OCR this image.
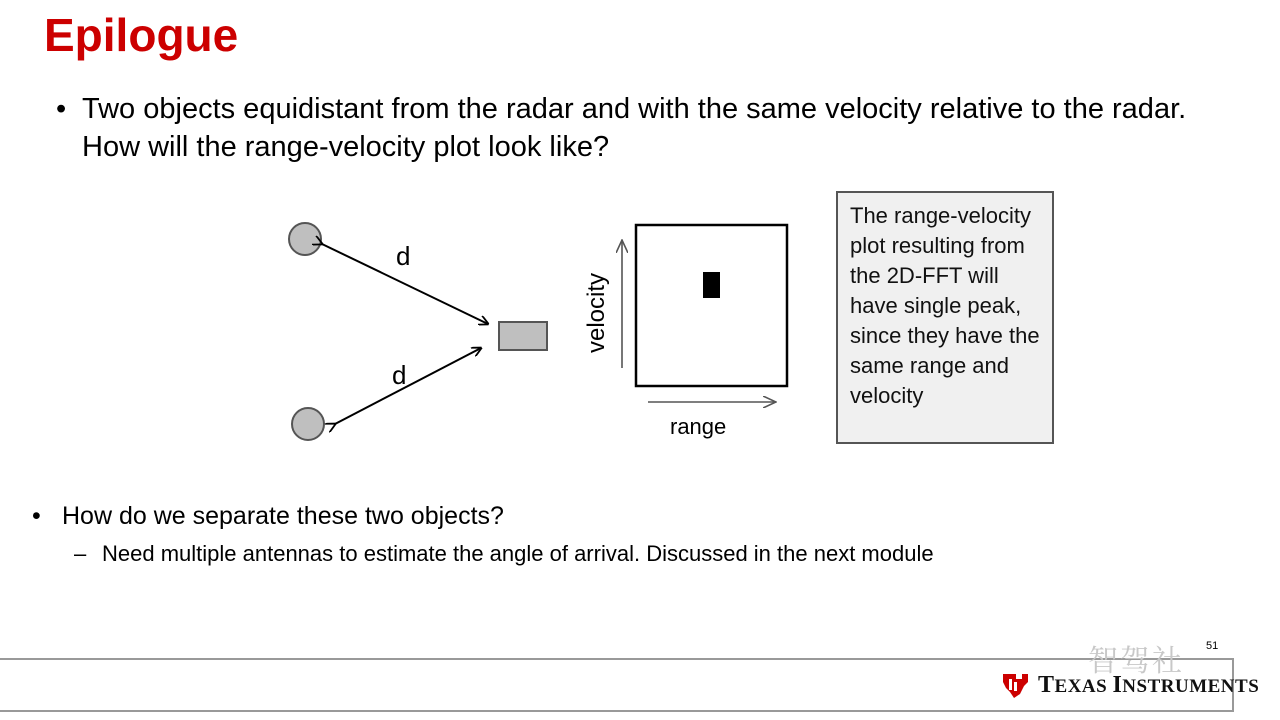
Epilogue
• Two objects equidistant from the radar and with the same velocity relative to the radar. How will the range-velocity plot look like?
d
d
velocity
range
The range-velocity plot resulting from the 2D-FFT will have single peak, since they have the same range and velocity
• How do we separate these two objects?
– Need multiple antennas to estimate the angle of arrival. Discussed in the next module
51
智驾社
TEXAS INSTRUMENTS
